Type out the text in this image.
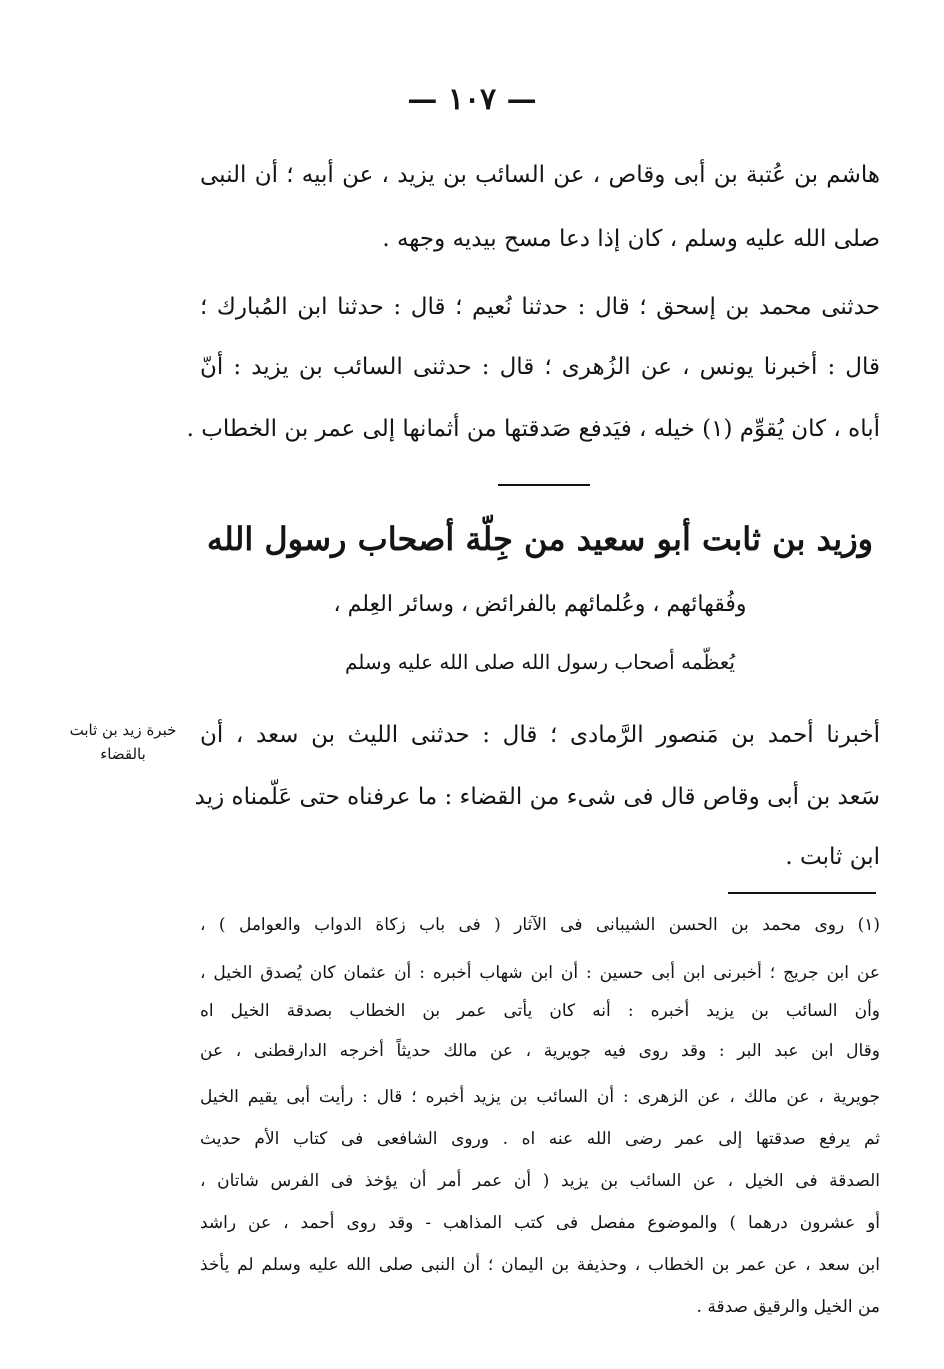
— ١٠٧ —
هاشم بن عُتبة بن أبى وقاص ، عن السائب بن يزيد ، عن أبيه ؛ أن النبى
صلى الله عليه وسلم ، كان إذا دعا مسح بيديه وجهه .
حدثنى محمد بن إسحق ؛ قال : حدثنا نُعيم ؛ قال : حدثنا ابن المُبارك ؛
قال : أخبرنا يونس ، عن الزُهرى ؛ قال : حدثنى السائب بن يزيد : أنّ
أباه ، كان يُقوِّم (١) خيله ، فيَدفع صَدقتها من أثمانها إلى عمر بن الخطاب .
وزيد بن ثابت أبو سعيد من جِلّة أصحاب رسول الله
وفُقهائهم ، وعُلمائهم بالفرائض ، وسائر العِلم ،
يُعظّمه أصحاب رسول الله صلى الله عليه وسلم
خبرة زيد بن ثابت
بالقضاء
أخبرنا أحمد بن مَنصور الرَّمادى ؛ قال : حدثنى الليث بن سعد ، أن
سَعد بن أبى وقاص قال فى شىء من القضاء : ما عرفناه حتى عَلّمناه زيد
ابن ثابت .
(١) روى محمد بن الحسن الشيبانى فى الآثار ( فى باب زكاة الدواب والعوامل ) ،
عن ابن جريج ؛ أخبرنى ابن أبى حسين : أن ابن شهاب أخبره : أن عثمان كان يُصدق الخيل ،
وأن السائب بن يزيد أخبره : أنه كان يأتى عمر بن الخطاب بصدقة الخيل اه
وقال ابن عبد البر : وقد روى فيه جويرية ، عن مالك حديثاً أخرجه الدارقطنى ، عن
جويرية ، عن مالك ، عن الزهرى : أن السائب بن يزيد أخبره ؛ قال : رأيت أبى يقيم الخيل
ثم يرفع صدقتها إلى عمر رضى الله عنه اه . وروى الشافعى فى كتاب الأم حديث
الصدقة فى الخيل ، عن السائب بن يزيد ( أن عمر أمر أن يؤخذ فى الفرس شاتان ،
أو عشرون درهما ) والموضوع مفصل فى كتب المذاهب - وقد روى أحمد ، عن راشد
ابن سعد ، عن عمر بن الخطاب ، وحذيفة بن اليمان ؛ أن النبى صلى الله عليه وسلم لم يأخذ
من الخيل والرقيق صدقة .
